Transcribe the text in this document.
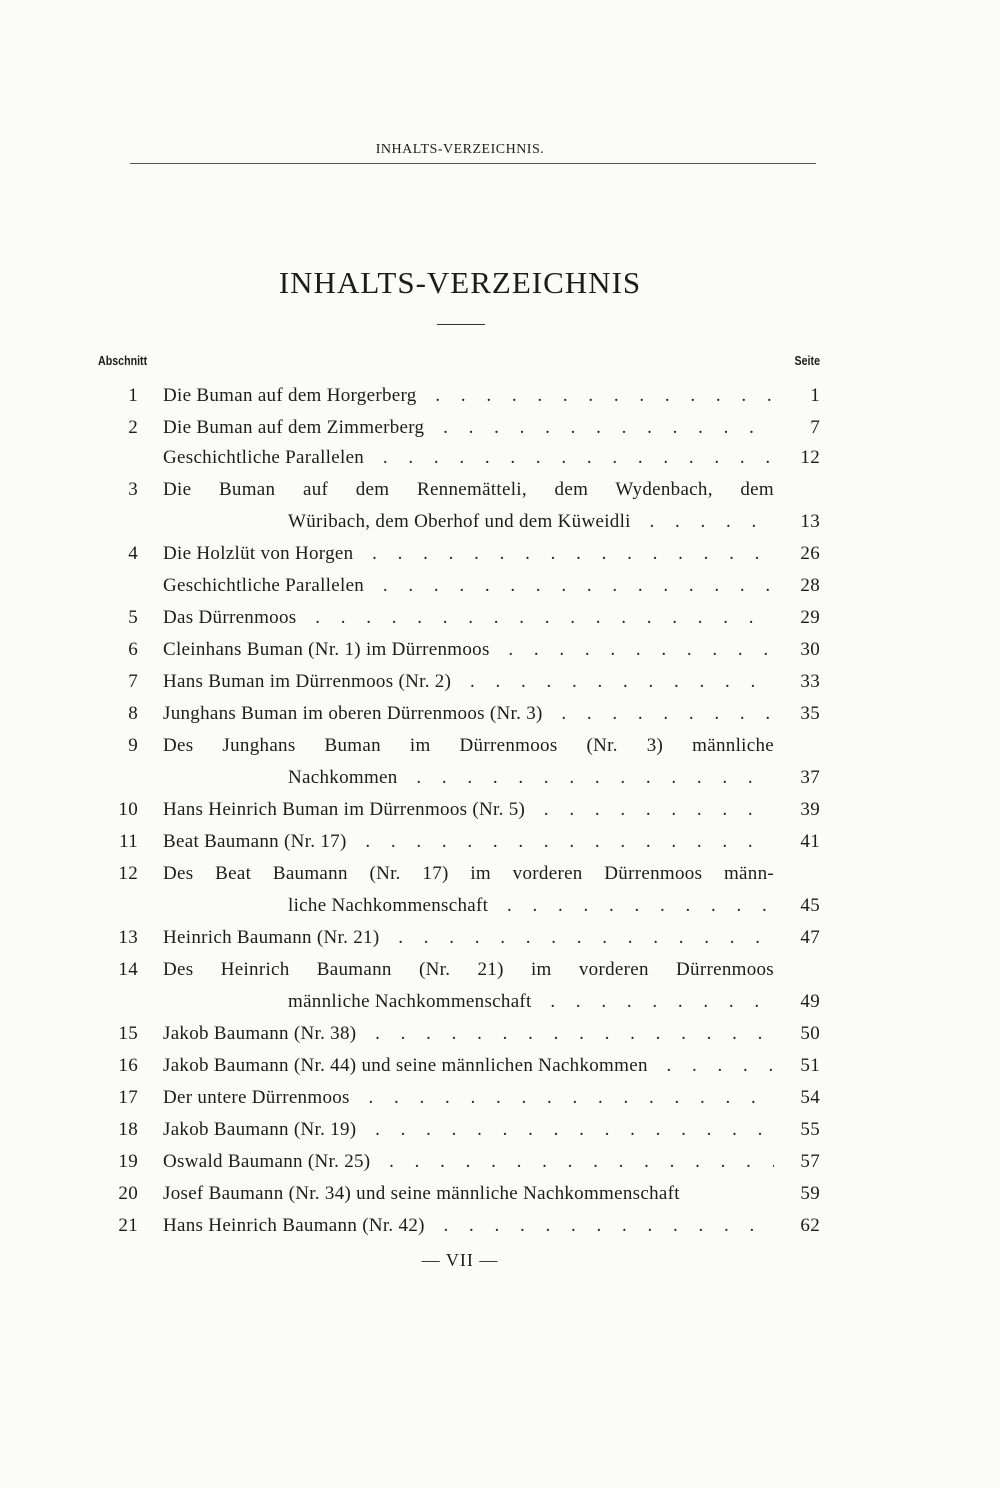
INHALTS-VERZEICHNIS.
INHALTS-VERZEICHNIS
Abschnitt	Seite
1 Die Buman auf dem Horgerberg . . .	1
2 Die Buman auf dem Zimmerberg . . .	7
Geschichtliche Parallelen . . .	12
3 Die Buman auf dem Rennemätteli, dem Wydenbach, dem
Würibach, dem Oberhof und dem Küweidli . . .	13
4 Die Holzlüt von Horgen . . .	26
Geschichtliche Parallelen . . .	28
5 Das Dürrenmoos . . .	29
6 Cleinhans Buman (Nr. 1) im Dürrenmoos . . .	30
7 Hans Buman im Dürrenmoos (Nr. 2) . . .	33
8 Junghans Buman im oberen Dürrenmoos (Nr. 3) . . .	35
9 Des Junghans Buman im Dürrenmoos (Nr. 3) männliche
Nachkommen . . .	37
10 Hans Heinrich Buman im Dürrenmoos (Nr. 5) . . .	39
11 Beat Baumann (Nr. 17) . . .	41
12 Des Beat Baumann (Nr. 17) im vorderen Dürrenmoos männ-
liche Nachkommenschaft . . .	45
13 Heinrich Baumann (Nr. 21) . . .	47
14 Des Heinrich Baumann (Nr. 21) im vorderen Dürrenmoos
männliche Nachkommenschaft . . .	49
15 Jakob Baumann (Nr. 38) . . .	50
16 Jakob Baumann (Nr. 44) und seine männlichen Nachkommen . . .	51
17 Der untere Dürrenmoos . . .	54
18 Jakob Baumann (Nr. 19) . . .	55
19 Oswald Baumann (Nr. 25) . . .	57
20 Josef Baumann (Nr. 34) und seine männliche Nachkommenschaft	59
21 Hans Heinrich Baumann (Nr. 42) . . .	62
— VII —
